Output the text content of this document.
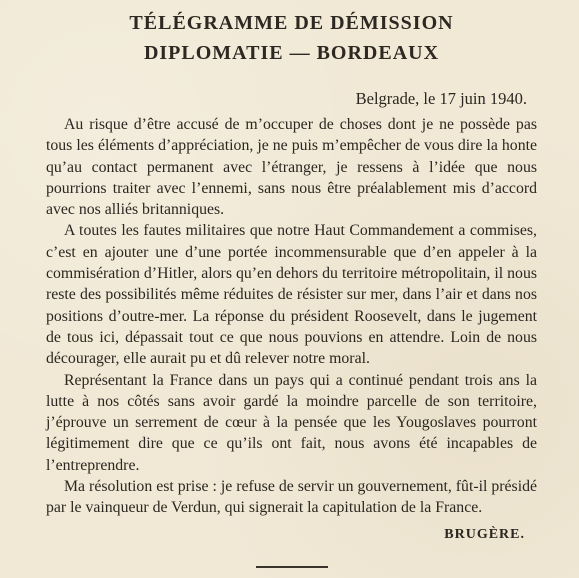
TÉLÉGRAMME DE DÉMISSION
DIPLOMATIE — BORDEAUX
Belgrade, le 17 juin 1940.

Au risque d’être accusé de m’occuper de choses dont je ne possède pas tous les éléments d’appréciation, je ne puis m’empêcher de vous dire la honte qu’au contact permanent avec l’étranger, je ressens à l’idée que nous pourrions traiter avec l’ennemi, sans nous être préalablement mis d’accord avec nos alliés britanniques.

A toutes les fautes militaires que notre Haut Commandement a commises, c’est en ajouter une d’une portée incommensurable que d’en appeler à la commisération d’Hitler, alors qu’en dehors du territoire métropolitain, il nous reste des possibilités même réduites de résister sur mer, dans l’air et dans nos positions d’outre-mer. La réponse du président Roosevelt, dans le jugement de tous ici, dépassait tout ce que nous pouvions en attendre. Loin de nous décourager, elle aurait pu et dû relever notre moral.

Représentant la France dans un pays qui a continué pendant trois ans la lutte à nos côtés sans avoir gardé la moindre parcelle de son territoire, j’éprouve un serrement de cœur à la pensée que les Yougoslaves pourront légitimement dire que ce qu’ils ont fait, nous avons été incapables de l’entreprendre.

Ma résolution est prise : je refuse de servir un gouvernement, fût-il présidé par le vainqueur de Verdun, qui signerait la capitulation de la France.

BRUGÈRE.
